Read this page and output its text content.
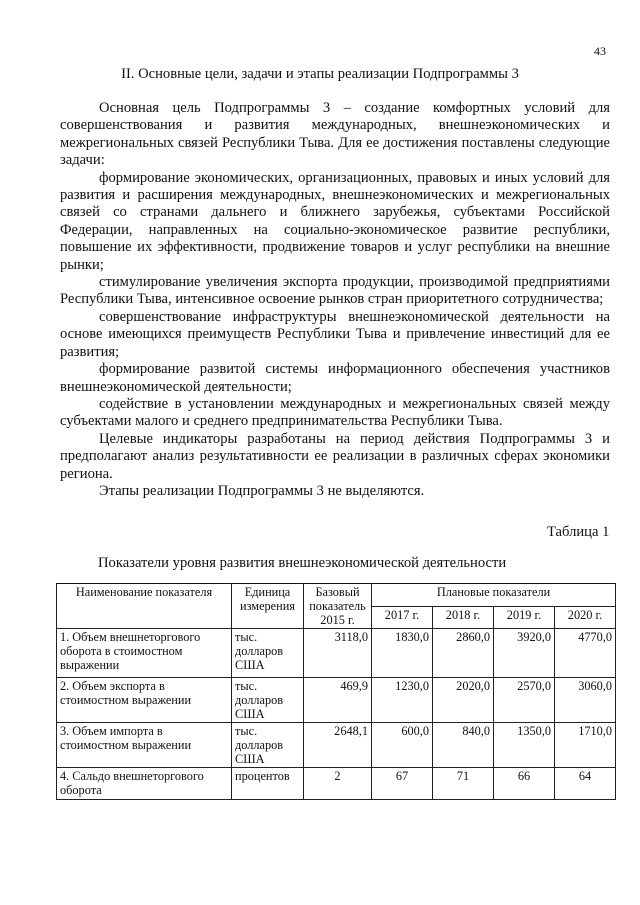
43
II. Основные цели, задачи и этапы реализации Подпрограммы 3

Основная цель Подпрограммы 3 – создание комфортных условий для совершенствования и развития международных, внешнеэкономических и межрегиональных связей Республики Тыва. Для ее достижения поставлены следующие задачи:

формирование экономических, организационных, правовых и иных условий для развития и расширения международных, внешнеэкономических и межрегиональных связей со странами дальнего и ближнего зарубежья, субъектами Российской Федерации, направленных на социально-экономическое развитие республики, повышение их эффективности, продвижение товаров и услуг республики на внешние рынки;

стимулирование увеличения экспорта продукции, производимой предприятиями Республики Тыва, интенсивное освоение рынков стран приоритетного сотрудничества;

совершенствование инфраструктуры внешнеэкономической деятельности на основе имеющихся преимуществ Республики Тыва и привлечение инвестиций для ее развития;

формирование развитой системы информационного обеспечения участников внешнеэкономической деятельности;

содействие в установлении международных и межрегиональных связей между субъектами малого и среднего предпринимательства Республики Тыва.

Целевые индикаторы разработаны на период действия Подпрограммы 3 и предполагают анализ результативности ее реализации в различных сферах экономики региона.

Этапы реализации Подпрограммы 3 не выделяются.

Таблица 1
Показатели уровня развития внешнеэкономической деятельности
Наименование показателя	Единица измерения	Базовый показатель 2015 г.	Плановые показатели			
			2017 г.	2018 г.	2019 г.	2020 г.
1. Объем внешнеторгового оборота в стоимостном выражении	тыс. долларов США	3118,0	1830,0	2860,0	3920,0	4770,0
2. Объем экспорта в стоимостном выражении	тыс. долларов США	469,9	1230,0	2020,0	2570,0	3060,0
3. Объем импорта в стоимостном выражении	тыс. долларов США	2648,1	600,0	840,0	1350,0	1710,0
4. Сальдо внешнеторгового оборота	процентов	2	67	71	66	64
